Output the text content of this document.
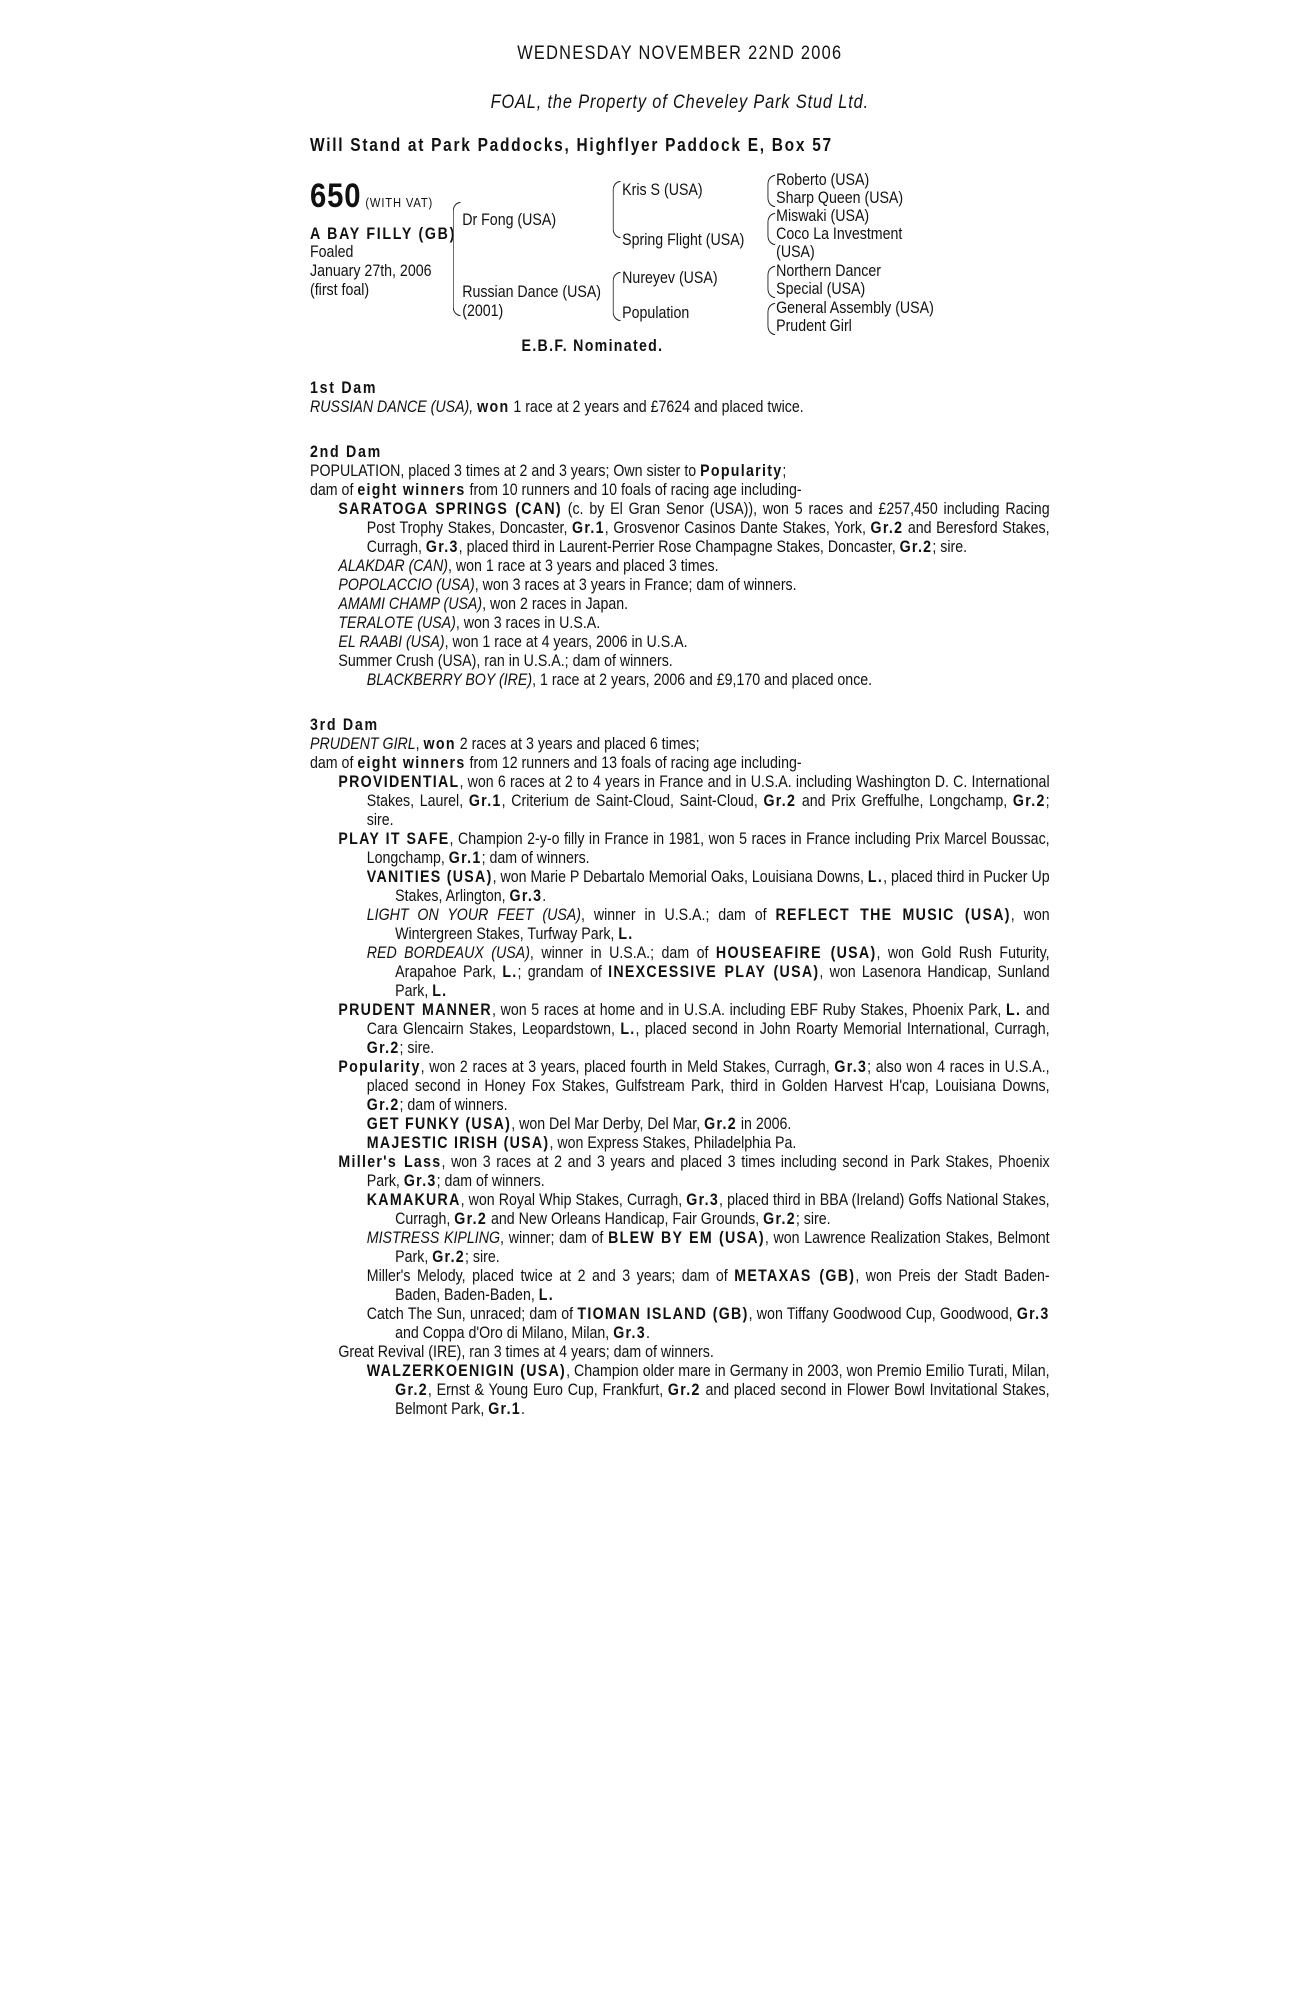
WEDNESDAY NOVEMBER 22ND 2006
FOAL, the Property of Cheveley Park Stud Ltd.
Will Stand at Park Paddocks, Highflyer Paddock E, Box 57
650 (WITH VAT)
A BAY FILLY (GB)
Foaled
January 27th, 2006
(first foal)
Dr Fong (USA)
Russian Dance (USA)
(2001)
Kris S (USA)
Spring Flight (USA)
Nureyev (USA)
Population
Roberto (USA)
Sharp Queen (USA)
Miswaki (USA)
Coco La Investment
(USA)
Northern Dancer
Special (USA)
General Assembly (USA)
Prudent Girl
E.B.F. Nominated.
1st Dam

RUSSIAN DANCE (USA), won 1 race at 2 years and £7624 and placed twice.

2nd Dam

POPULATION, placed 3 times at 2 and 3 years; Own sister to Popularity;

dam of eight winners from 10 runners and 10 foals of racing age including-

SARATOGA SPRINGS (CAN) (c. by El Gran Senor (USA)), won 5 races and £257,450 including Racing Post Trophy Stakes, Doncaster, Gr.1, Grosvenor Casinos Dante Stakes, York, Gr.2 and Beresford Stakes, Curragh, Gr.3, placed third in Laurent-Perrier Rose Champagne Stakes, Doncaster, Gr.2; sire.

ALAKDAR (CAN), won 1 race at 3 years and placed 3 times.

POPOLACCIO (USA), won 3 races at 3 years in France; dam of winners.

AMAMI CHAMP (USA), won 2 races in Japan.

TERALOTE (USA), won 3 races in U.S.A.

EL RAABI (USA), won 1 race at 4 years, 2006 in U.S.A.

Summer Crush (USA), ran in U.S.A.; dam of winners.

BLACKBERRY BOY (IRE), 1 race at 2 years, 2006 and £9,170 and placed once.

3rd Dam

PRUDENT GIRL, won 2 races at 3 years and placed 6 times;

dam of eight winners from 12 runners and 13 foals of racing age including-

PROVIDENTIAL, won 6 races at 2 to 4 years in France and in U.S.A. including Washington D. C. International Stakes, Laurel, Gr.1, Criterium de Saint-Cloud, Saint-Cloud, Gr.2 and Prix Greffulhe, Longchamp, Gr.2; sire.

PLAY IT SAFE, Champion 2-y-o filly in France in 1981, won 5 races in France including Prix Marcel Boussac, Longchamp, Gr.1; dam of winners.

VANITIES (USA), won Marie P Debartalo Memorial Oaks, Louisiana Downs, L., placed third in Pucker Up Stakes, Arlington, Gr.3.

LIGHT ON YOUR FEET (USA), winner in U.S.A.; dam of REFLECT THE MUSIC (USA), won Wintergreen Stakes, Turfway Park, L.

RED BORDEAUX (USA), winner in U.S.A.; dam of HOUSEAFIRE (USA), won Gold Rush Futurity, Arapahoe Park, L.; grandam of INEXCESSIVE PLAY (USA), won Lasenora Handicap, Sunland Park, L.

PRUDENT MANNER, won 5 races at home and in U.S.A. including EBF Ruby Stakes, Phoenix Park, L. and Cara Glencairn Stakes, Leopardstown, L., placed second in John Roarty Memorial International, Curragh, Gr.2; sire.

Popularity, won 2 races at 3 years, placed fourth in Meld Stakes, Curragh, Gr.3; also won 4 races in U.S.A., placed second in Honey Fox Stakes, Gulfstream Park, third in Golden Harvest H'cap, Louisiana Downs, Gr.2; dam of winners.

GET FUNKY (USA), won Del Mar Derby, Del Mar, Gr.2 in 2006.

MAJESTIC IRISH (USA), won Express Stakes, Philadelphia Pa.

Miller's Lass, won 3 races at 2 and 3 years and placed 3 times including second in Park Stakes, Phoenix Park, Gr.3; dam of winners.

KAMAKURA, won Royal Whip Stakes, Curragh, Gr.3, placed third in BBA (Ireland) Goffs National Stakes, Curragh, Gr.2 and New Orleans Handicap, Fair Grounds, Gr.2; sire.

MISTRESS KIPLING, winner; dam of BLEW BY EM (USA), won Lawrence Realization Stakes, Belmont Park, Gr.2; sire.

Miller's Melody, placed twice at 2 and 3 years; dam of METAXAS (GB), won Preis der Stadt Baden-Baden, Baden-Baden, L.

Catch The Sun, unraced; dam of TIOMAN ISLAND (GB), won Tiffany Goodwood Cup, Goodwood, Gr.3 and Coppa d'Oro di Milano, Milan, Gr.3.

Great Revival (IRE), ran 3 times at 4 years; dam of winners.

WALZERKOENIGIN (USA), Champion older mare in Germany in 2003, won Premio Emilio Turati, Milan, Gr.2, Ernst & Young Euro Cup, Frankfurt, Gr.2 and placed second in Flower Bowl Invitational Stakes, Belmont Park, Gr.1.
